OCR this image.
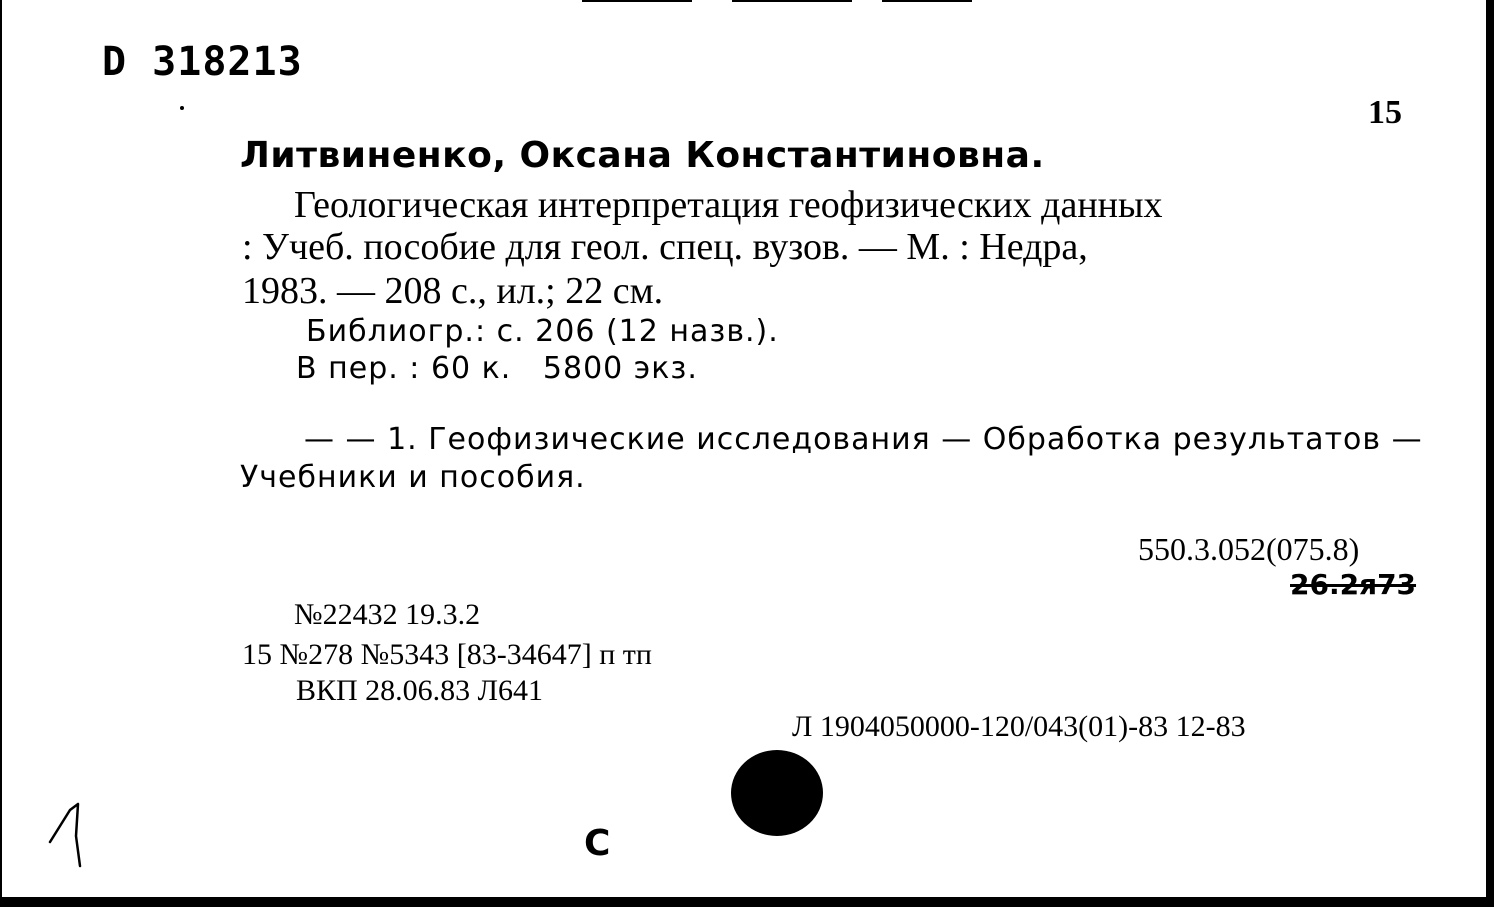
D 318213
15
Литвиненко, Оксана Константиновна.
Геологическая интерпретация геофизических данных
: Учеб. пособие для геол. спец. вузов. — М. : Недра,
1983. — 208 с., ил.; 22 см.
Библиогр.: с. 206 (12 назв.).
В пер. : 60 к.   5800 экз.
— — 1. Геофизические исследования — Обработка результатов —
Учебники и пособия.
550.3.052(075.8)
26.2я73
№22432 19.3.2
15 №278 №5343 [83-34647] п тп
ВКП 28.06.83 Л641
Л 1904050000-120/043(01)-83 12-83
С
